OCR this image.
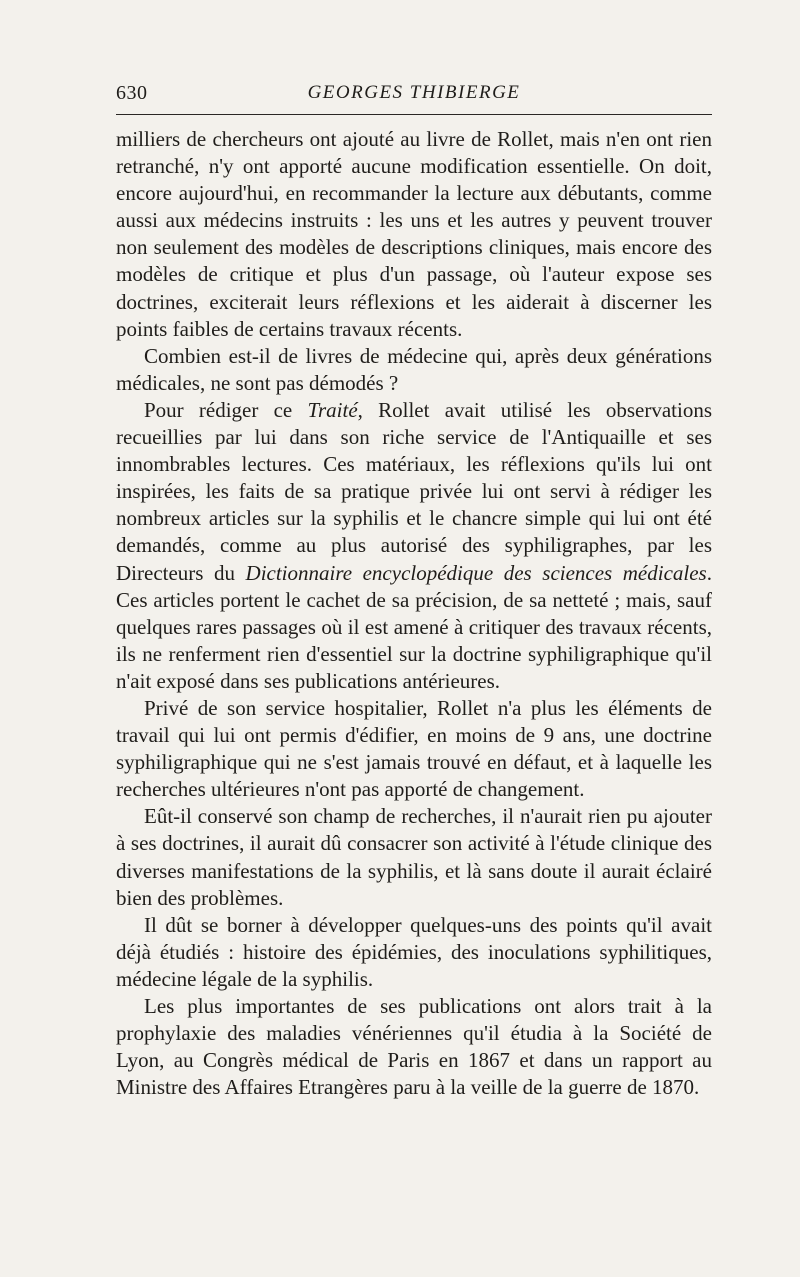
630	GEORGES THIBIERGE

milliers de chercheurs ont ajouté au livre de Rollet, mais n'en ont rien retranché, n'y ont apporté aucune modification essentielle. On doit, encore aujourd'hui, en recommander la lecture aux débutants, comme aussi aux médecins instruits : les uns et les autres y peuvent trouver non seulement des modèles de descriptions cliniques, mais encore des modèles de critique et plus d'un passage, où l'auteur expose ses doctrines, exciterait leurs réflexions et les aiderait à discerner les points faibles de certains travaux récents.

Combien est-il de livres de médecine qui, après deux générations médicales, ne sont pas démodés ?

Pour rédiger ce Traité, Rollet avait utilisé les observations recueillies par lui dans son riche service de l'Antiquaille et ses innombrables lectures. Ces matériaux, les réflexions qu'ils lui ont inspirées, les faits de sa pratique privée lui ont servi à rédiger les nombreux articles sur la syphilis et le chancre simple qui lui ont été demandés, comme au plus autorisé des syphiligraphes, par les Directeurs du Dictionnaire encyclopédique des sciences médicales. Ces articles portent le cachet de sa précision, de sa netteté ; mais, sauf quelques rares passages où il est amené à critiquer des travaux récents, ils ne renferment rien d'essentiel sur la doctrine syphiligraphique qu'il n'ait exposé dans ses publications antérieures.

Privé de son service hospitalier, Rollet n'a plus les éléments de travail qui lui ont permis d'édifier, en moins de 9 ans, une doctrine syphiligraphique qui ne s'est jamais trouvé en défaut, et à laquelle les recherches ultérieures n'ont pas apporté de changement.

Eût-il conservé son champ de recherches, il n'aurait rien pu ajouter à ses doctrines, il aurait dû consacrer son activité à l'étude clinique des diverses manifestations de la syphilis, et là sans doute il aurait éclairé bien des problèmes.

Il dût se borner à développer quelques-uns des points qu'il avait déjà étudiés : histoire des épidémies, des inoculations syphilitiques, médecine légale de la syphilis.

Les plus importantes de ses publications ont alors trait à la prophylaxie des maladies vénériennes qu'il étudia à la Société de Lyon, au Congrès médical de Paris en 1867 et dans un rapport au Ministre des Affaires Etrangères paru à la veille de la guerre de 1870.
